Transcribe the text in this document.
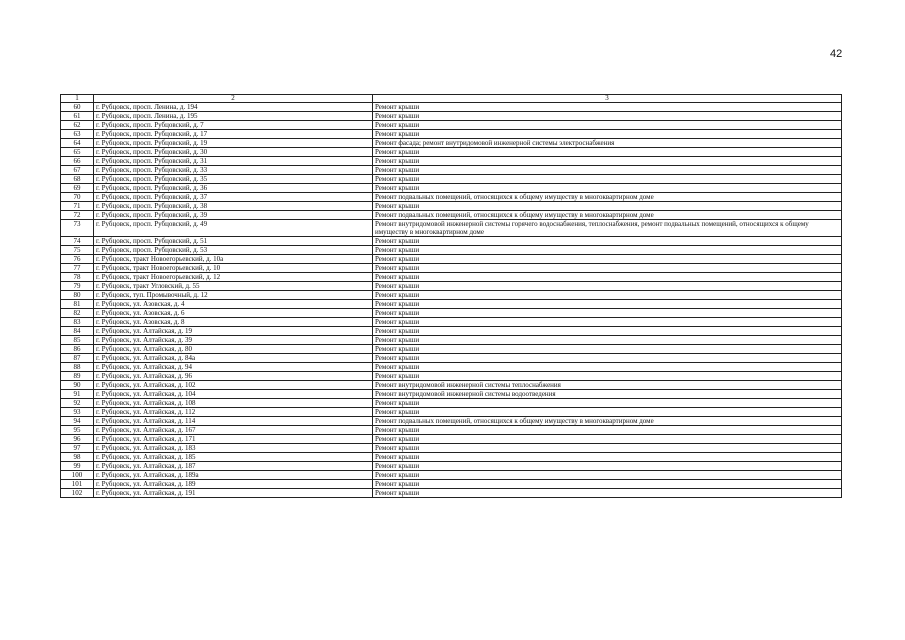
42
1	2	3
60	г. Рубцовск, просп. Ленина, д. 194	Ремонт крыши
61	г. Рубцовск, просп. Ленина, д. 195	Ремонт крыши
62	г. Рубцовск, просп. Рубцовский, д. 7	Ремонт крыши
63	г. Рубцовск, просп. Рубцовский, д. 17	Ремонт крыши
64	г. Рубцовск, просп. Рубцовский, д. 19	Ремонт фасада; ремонт внутридомовой инженерной системы электроснабжения
65	г. Рубцовск, просп. Рубцовский, д. 30	Ремонт крыши
66	г. Рубцовск, просп. Рубцовский, д. 31	Ремонт крыши
67	г. Рубцовск, просп. Рубцовский, д. 33	Ремонт крыши
68	г. Рубцовск, просп. Рубцовский, д. 35	Ремонт крыши
69	г. Рубцовск, просп. Рубцовский, д. 36	Ремонт крыши
70	г. Рубцовск, просп. Рубцовский, д. 37	Ремонт подвальных помещений, относящихся к общему имуществу в многоквартирном доме
71	г. Рубцовск, просп. Рубцовский, д. 38	Ремонт крыши
72	г. Рубцовск, просп. Рубцовский, д. 39	Ремонт подвальных помещений, относящихся к общему имуществу в многоквартирном доме
73	г. Рубцовск, просп. Рубцовский, д. 49	Ремонт внутридомовой инженерной системы горячего водоснабжения, теплоснабжения, ремонт подвальных помещений, относящихся к общему имуществу в многоквартирном доме
74	г. Рубцовск, просп. Рубцовский, д. 51	Ремонт крыши
75	г. Рубцовск, просп. Рубцовский, д. 53	Ремонт крыши
76	г. Рубцовск, тракт Новоегорьевский, д. 10а	Ремонт крыши
77	г. Рубцовск, тракт Новоегорьевский, д. 10	Ремонт крыши
78	г. Рубцовск, тракт Новоегорьевский, д. 12	Ремонт крыши
79	г. Рубцовск, тракт Угловский, д. 55	Ремонт крыши
80	г. Рубцовск, туп. Промывочный, д. 12	Ремонт крыши
81	г. Рубцовск, ул. Азовская, д. 4	Ремонт крыши
82	г. Рубцовск, ул. Азовская, д. 6	Ремонт крыши
83	г. Рубцовск, ул. Азовская, д. 8	Ремонт крыши
84	г. Рубцовск, ул. Алтайская, д. 19	Ремонт крыши
85	г. Рубцовск, ул. Алтайская, д. 39	Ремонт крыши
86	г. Рубцовск, ул. Алтайская, д. 80	Ремонт крыши
87	г. Рубцовск, ул. Алтайская, д. 84а	Ремонт крыши
88	г. Рубцовск, ул. Алтайская, д. 94	Ремонт крыши
89	г. Рубцовск, ул. Алтайская, д. 96	Ремонт крыши
90	г. Рубцовск, ул. Алтайская, д. 102	Ремонт внутридомовой инженерной системы теплоснабжения
91	г. Рубцовск, ул. Алтайская, д. 104	Ремонт внутридомовой инженерной системы водоотведения
92	г. Рубцовск, ул. Алтайская, д. 108	Ремонт крыши
93	г. Рубцовск, ул. Алтайская, д. 112	Ремонт крыши
94	г. Рубцовск, ул. Алтайская, д. 114	Ремонт подвальных помещений, относящихся к общему имуществу в многоквартирном доме
95	г. Рубцовск, ул. Алтайская, д. 167	Ремонт крыши
96	г. Рубцовск, ул. Алтайская, д. 171	Ремонт крыши
97	г. Рубцовск, ул. Алтайская, д. 183	Ремонт крыши
98	г. Рубцовск, ул. Алтайская, д. 185	Ремонт крыши
99	г. Рубцовск, ул. Алтайская, д. 187	Ремонт крыши
100	г. Рубцовск, ул. Алтайская, д. 189а	Ремонт крыши
101	г. Рубцовск, ул. Алтайская, д. 189	Ремонт крыши
102	г. Рубцовск, ул. Алтайская, д. 191	Ремонт крыши
